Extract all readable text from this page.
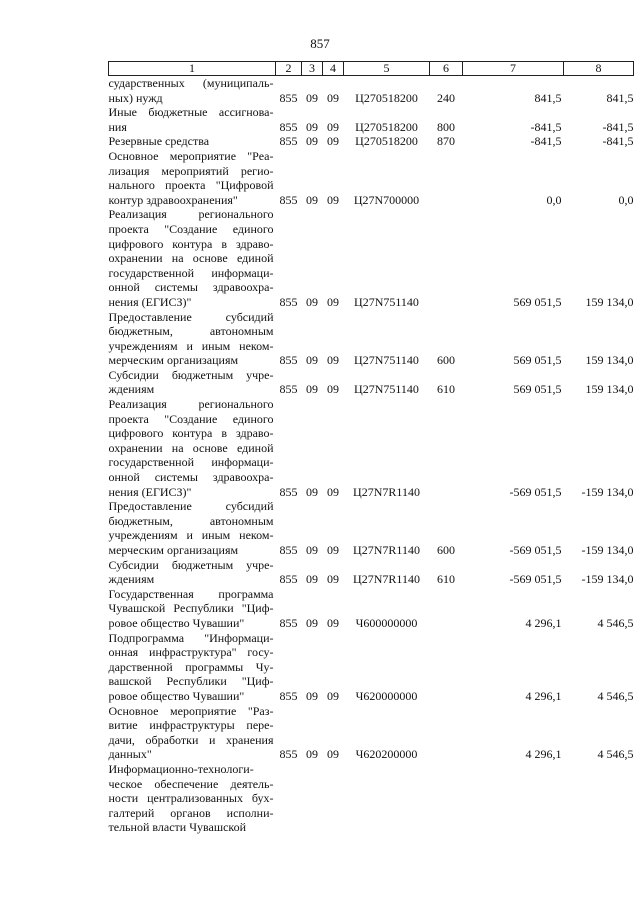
857
1	2	3	4	5	6	7	8
сударственных (муниципаль-ных) нужд	855	09	09	Ц270518200	240	841,5	841,5
Иные бюджетные ассигнова-ния	855	09	09	Ц270518200	800	-841,5	-841,5
Резервные средства	855	09	09	Ц270518200	870	-841,5	-841,5
Основное мероприятие "Реа-лизация мероприятий регио-нального проекта "Цифровой контур здравоохранения"	855	09	09	Ц27N700000		0,0	0,0
Реализация регионального проекта "Создание единого цифрового контура в здраво-охранении на основе единой государственной информаци-онной системы здравоохра-нения (ЕГИСЗ)"	855	09	09	Ц27N751140		569 051,5	159 134,0
Предоставление субсидий бюджетным, автономным учреждениям и иным неком-мерческим организациям	855	09	09	Ц27N751140	600	569 051,5	159 134,0
Субсидии бюджетным учре-ждениям	855	09	09	Ц27N751140	610	569 051,5	159 134,0
Реализация регионального проекта "Создание единого цифрового контура в здраво-охранении на основе единой государственной информаци-онной системы здравоохра-нения (ЕГИСЗ)"	855	09	09	Ц27N7R1140		-569 051,5	-159 134,0
Предоставление субсидий бюджетным, автономным учреждениям и иным неком-мерческим организациям	855	09	09	Ц27N7R1140	600	-569 051,5	-159 134,0
Субсидии бюджетным учре-ждениям	855	09	09	Ц27N7R1140	610	-569 051,5	-159 134,0
Государственная программа Чувашской Республики "Циф-ровое общество Чувашии"	855	09	09	Ч600000000		4 296,1	4 546,5
Подпрограмма "Информаци-онная инфраструктура" госу-дарственной программы Чу-вашской Республики "Циф-ровое общество Чувашии"	855	09	09	Ч620000000		4 296,1	4 546,5
Основное мероприятие "Раз-витие инфраструктуры пере-дачи, обработки и хранения данных"	855	09	09	Ч620200000		4 296,1	4 546,5
Информационно-технологи-ческое обеспечение деятель-ности централизованных бух-галтерий органов исполни-тельной власти Чувашской							
